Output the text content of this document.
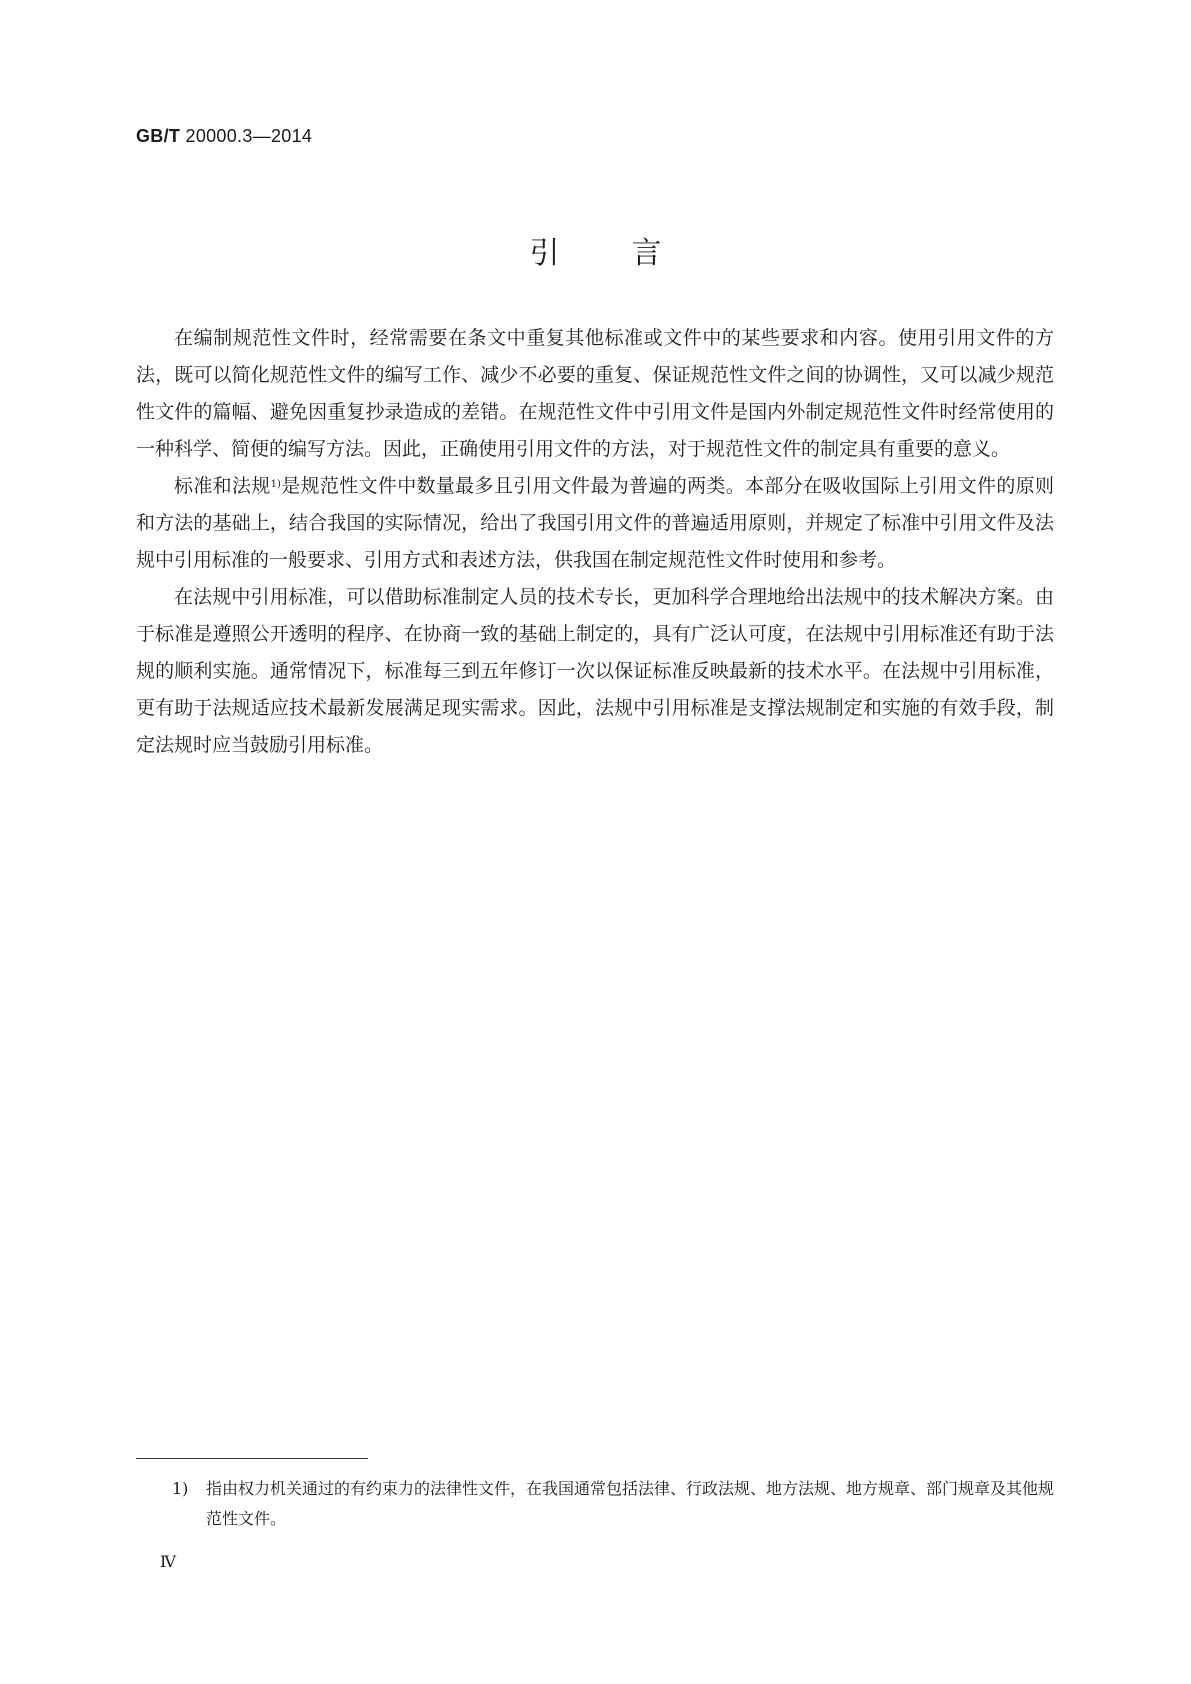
GB/T 20000.3—2014
引言

在编制规范性文件时，经常需要在条文中重复其他标准或文件中的某些要求和内容。使用引用文件的方法，既可以简化规范性文件的编写工作、减少不必要的重复、保证规范性文件之间的协调性，又可以减少规范性文件的篇幅、避免因重复抄录造成的差错。在规范性文件中引用文件是国内外制定规范性文件时经常使用的一种科学、简便的编写方法。因此，正确使用引用文件的方法，对于规范性文件的制定具有重要的意义。

标准和法规$^{1)}$是规范性文件中数量最多且引用文件最为普遍的两类。本部分在吸收国际上引用文件的原则和方法的基础上，结合我国的实际情况，给出了我国引用文件的普遍适用原则，并规定了标准中引用文件及法规中引用标准的一般要求、引用方式和表述方法，供我国在制定规范性文件时使用和参考。

在法规中引用标准，可以借助标准制定人员的技术专长，更加科学合理地给出法规中的技术解决方案。由于标准是遵照公开透明的程序、在协商一致的基础上制定的，具有广泛认可度，在法规中引用标准还有助于法规的顺利实施。通常情况下，标准每三到五年修订一次以保证标准反映最新的技术水平。在法规中引用标准，更有助于法规适应技术最新发展满足现实需求。因此，法规中引用标准是支撑法规制定和实施的有效手段，制定法规时应当鼓励引用标准。

1)	指由权力机关通过的有约束力的法律性文件，在我国通常包括法律、行政法规、地方法规、地方规章、部门规章及其他规范性文件。
Ⅳ
